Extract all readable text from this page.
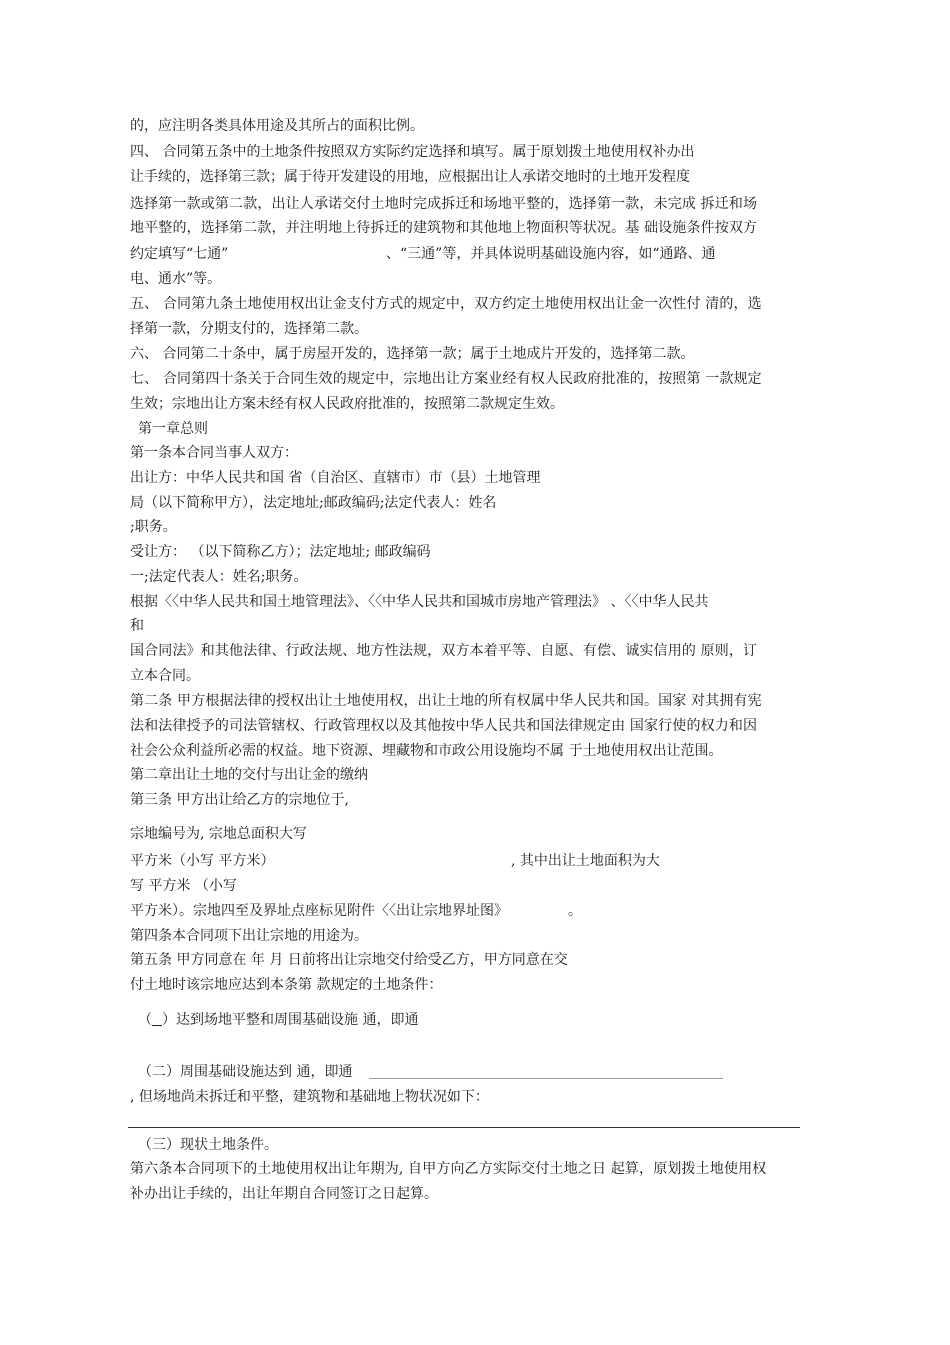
的，应注明各类具体用途及其所占的面积比例。
四、 合同第五条中的土地条件按照双方实际约定选择和填写。属于原划拨土地使用权补办出
让手续的，选择第三款；属于待开发建设的用地，应根据出让人承诺交地时的土地开发程度
选择第一款或第二款，出让人承诺交付土地时完成拆迁和场地平整的，选择第一款，未完成 拆迁和场
地平整的，选择第二款，并注明地上待拆迁的建筑物和其他地上物面积等状况。基 础设施条件按双方
约定填写“七通”	、“三通”等，并具体说明基础设施内容，如“通路、通
电、通水”等。
五、 合同第九条土地使用权出让金支付方式的规定中，双方约定土地使用权出让金一次性付 清的，选
择第一款，分期支付的，选择第二款。
六、 合同第二十条中，属于房屋开发的，选择第一款；属于土地成片开发的，选择第二款。
七、 合同第四十条关于合同生效的规定中，宗地出让方案业经有权人民政府批准的，按照第 一款规定
生效；宗地出让方案未经有权人民政府批准的，按照第二款规定生效。
第一章总则
第一条本合同当事人双方：
出让方：中华人民共和国 省（自治区、直辖市）市（县）土地管理
局（以下简称甲方），法定地址;邮政编码;法定代表人：姓名
;职务。
受让方： （以下简称乙方）；法定地址; 邮政编码
一;法定代表人：姓名;职务。
根据〈〈中华人民共和国土地管理法》、〈〈中华人民共和国城市房地产管理法》 、〈〈中华人民共
和
国合同法》和其他法律、行政法规、地方性法规，双方本着平等、自愿、有偿、诚实信用的 原则，订
立本合同。
第二条 甲方根据法律的授权出让土地使用权，出让土地的所有权属中华人民共和国。国家 对其拥有宪
法和法律授予的司法管辖权、行政管理权以及其他按中华人民共和国法律规定由 国家行使的权力和因
社会公众利益所必需的权益。地下资源、埋藏物和市政公用设施均不属 于土地使用权出让范围。
第二章出让土地的交付与出让金的缴纳
第三条 甲方出让给乙方的宗地位于,
宗地编号为, 宗地总面积大写
平方米（小写 平方米）	, 其中出让土地面积为大
写 平方米 （小写
平方米）。宗地四至及界址点座标见附件〈〈出让宗地界址图》	。
第四条本合同项下出让宗地的用途为。
第五条 甲方同意在 年 月 日前将出让宗地交付给受乙方，甲方同意在交
付土地时该宗地应达到本条第 款规定的土地条件：
（ ）达到场地平整和周围基础设施 通，即通
（二）周围基础设施达到 通，即通
, 但场地尚未拆迁和平整，建筑物和基础地上物状况如下：
（三）现状土地条件。
第六条本合同项下的土地使用权出让年期为, 自甲方向乙方实际交付土地之日 起算，原划拨土地使用权
补办出让手续的，出让年期自合同签订之日起算。
